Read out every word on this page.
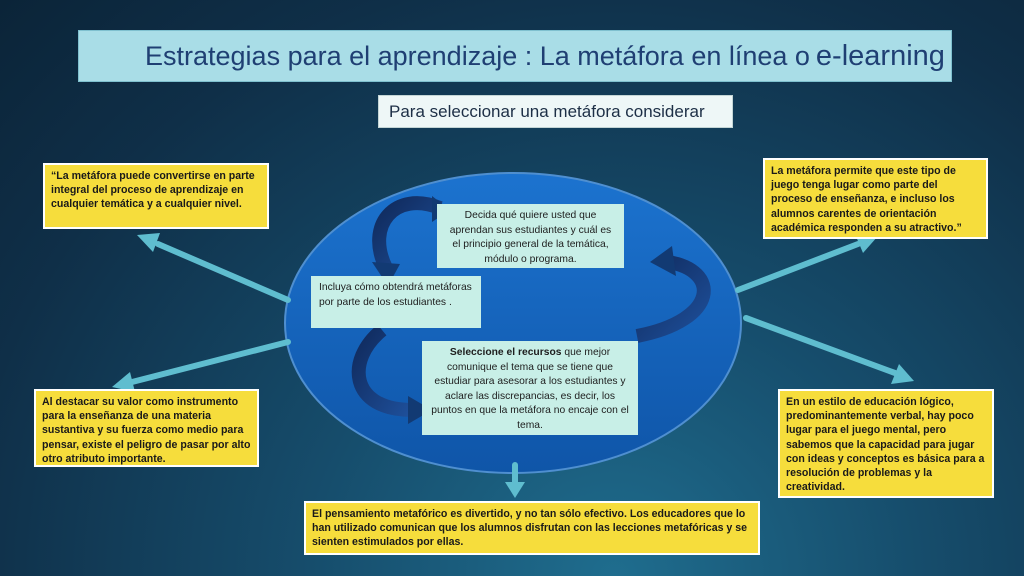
Estrategias para el aprendizaje : La metáfora en línea o e-learning
Para seleccionar una metáfora considerar
“La metáfora puede convertirse en parte integral del proceso de aprendizaje en cualquier temática y a cualquier nivel.
La metáfora permite que este tipo de juego tenga lugar como parte del proceso de enseñanza, e incluso los alumnos carentes de orientación académica responden a su atractivo.”
Al destacar su valor como instrumento para la enseñanza de una materia sustantiva y su fuerza como medio para pensar, existe el peligro de pasar por alto otro atributo importante.
En un estilo de educación lógico, predominantemente verbal, hay poco lugar para el juego mental, pero sabemos que la capacidad para jugar con ideas y conceptos es básica para a resolución de problemas y la creatividad.
El pensamiento metafórico es divertido, y no tan sólo efectivo. Los educadores que lo han utilizado comunican que los alumnos disfrutan con las lecciones metafóricas y se sienten estimulados por ellas.
Decida qué quiere usted que aprendan sus estudiantes y cuál es el principio general de la temática, módulo o programa.
Incluya cómo obtendrá metáforas por parte de los estudiantes .
Seleccione el recursos que mejor comunique el tema que se tiene que estudiar para asesorar a los estudiantes y aclare las discrepancias, es decir, los puntos en que la metáfora no encaje con el tema.
